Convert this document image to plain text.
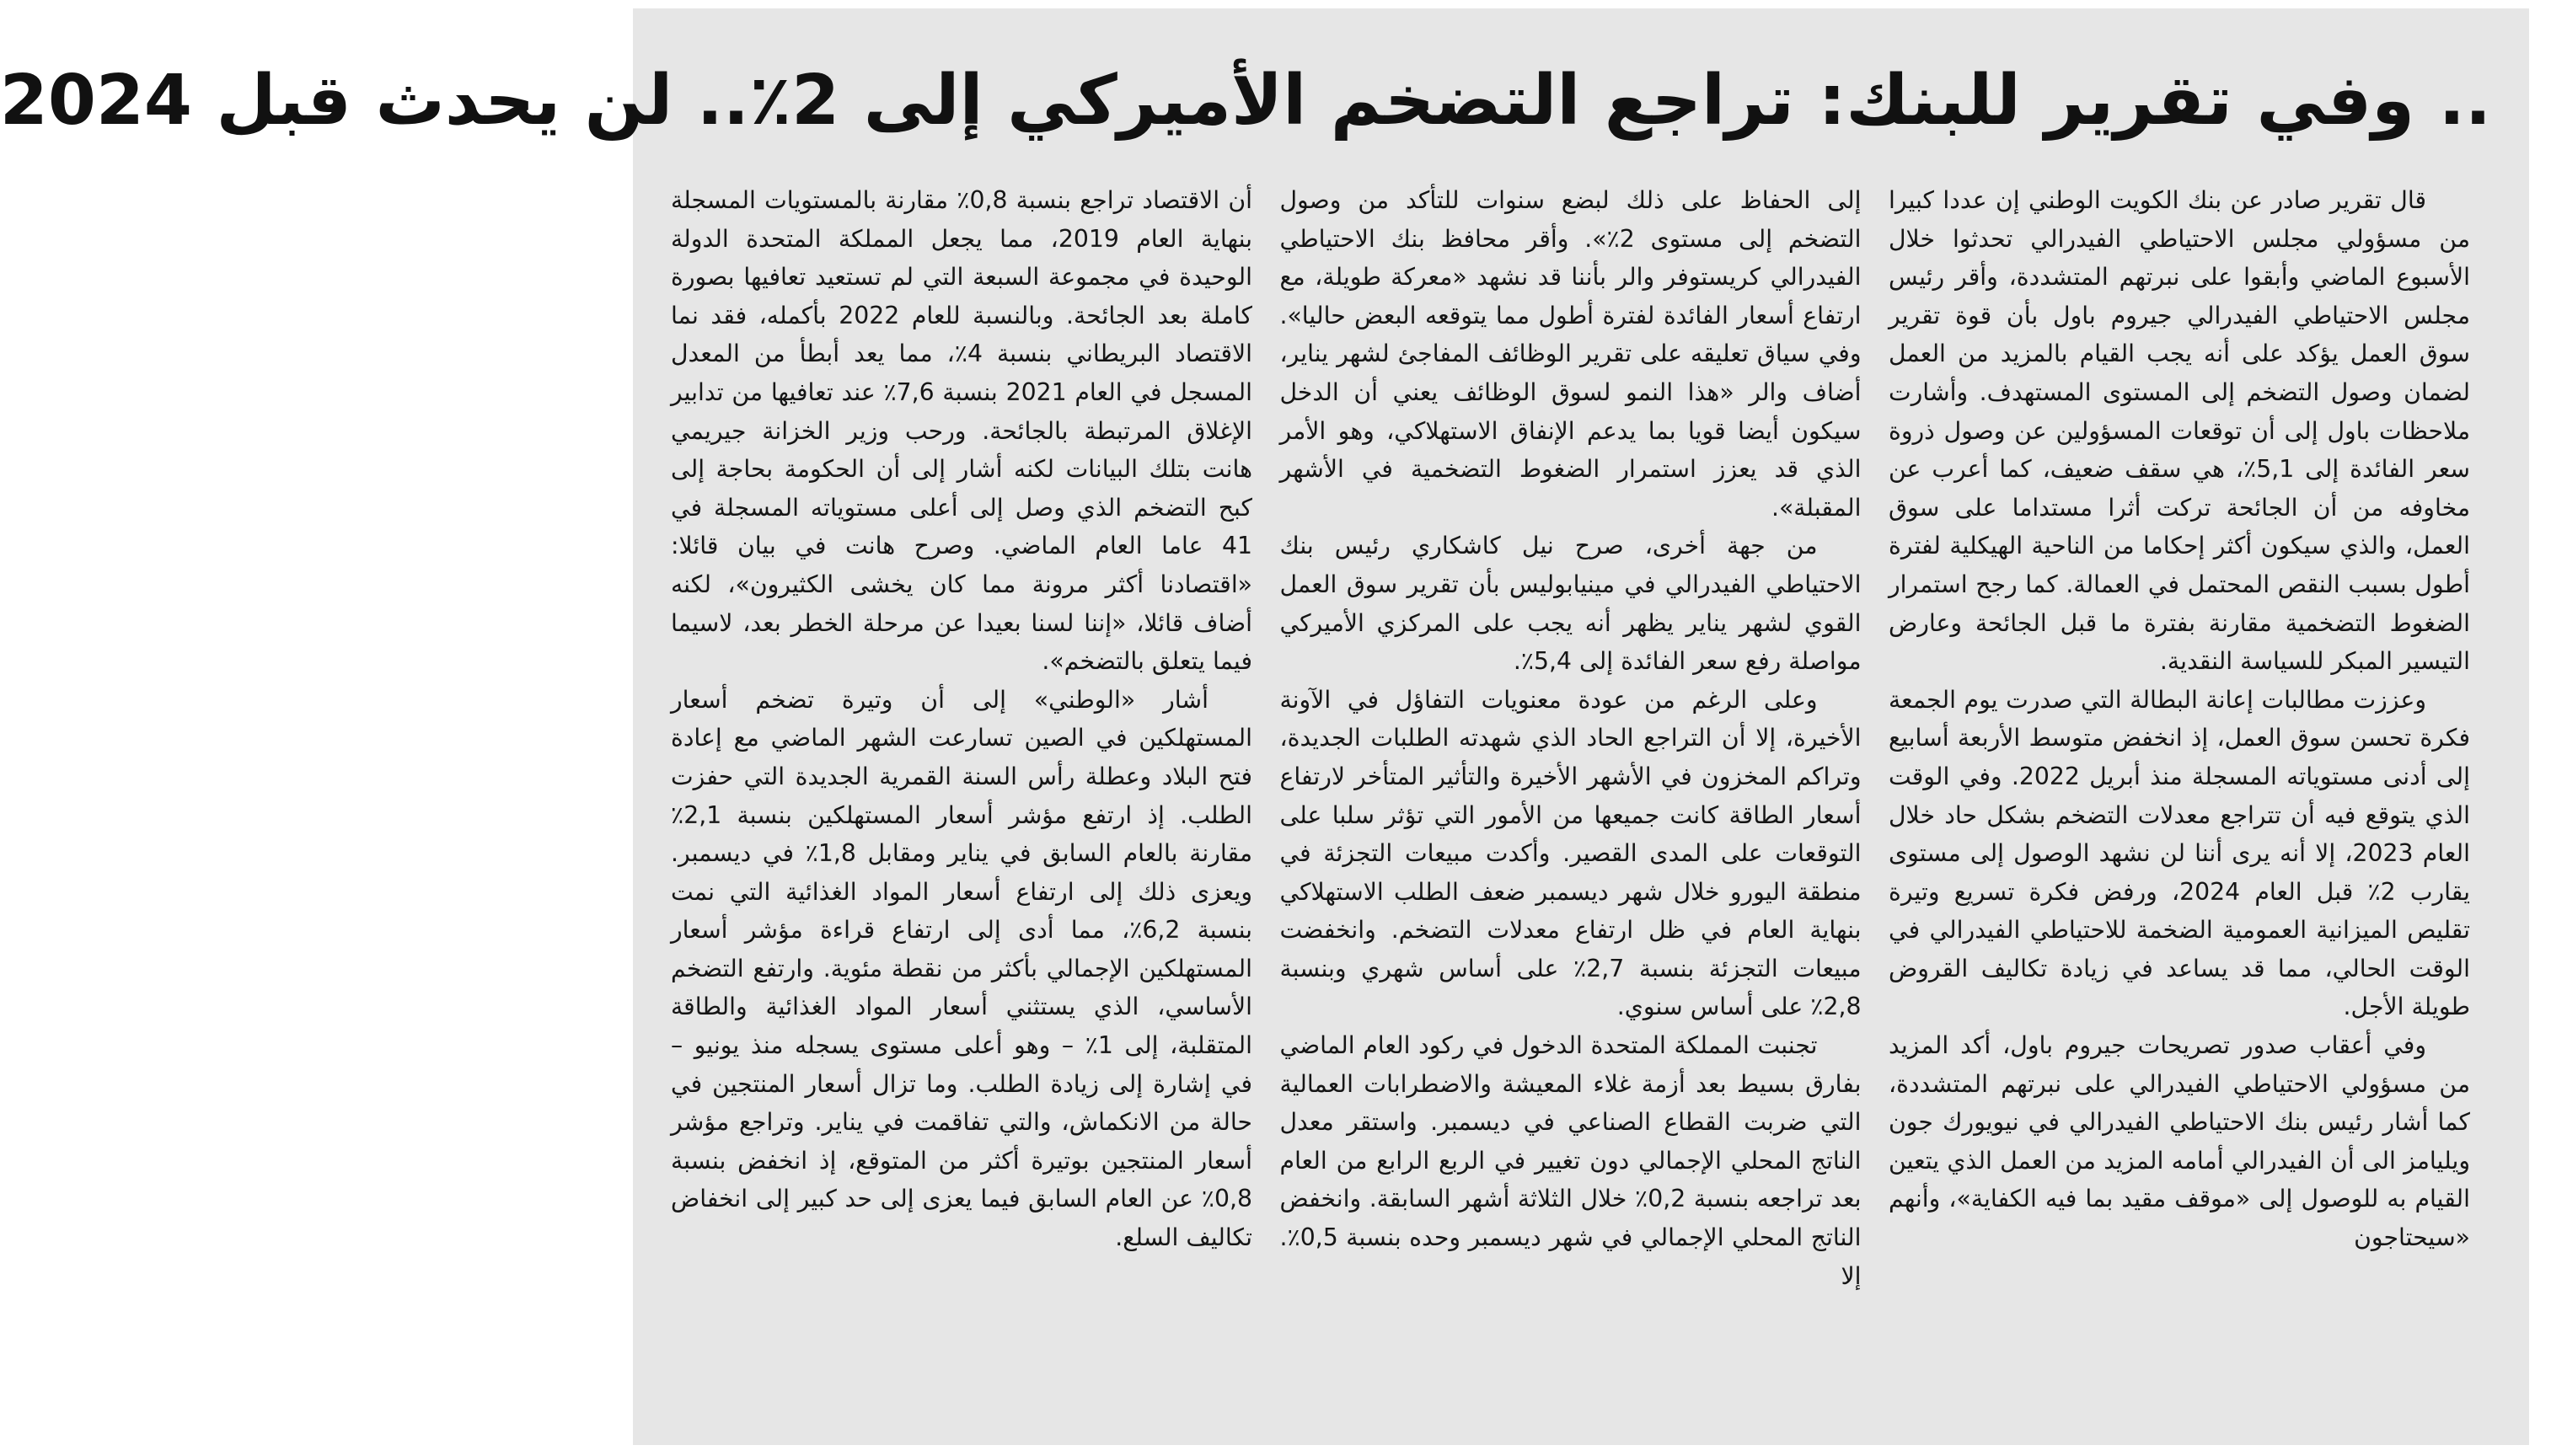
.. وفي تقرير للبنك: تراجع التضخم الأميركي إلى 2٪.. لن يحدث قبل 2024

قال تقرير صادر عن بنك الكويت الوطني إن عددا كبيرا من مسؤولي مجلس الاحتياطي الفيدرالي تحدثوا خلال الأسبوع الماضي وأبقوا على نبرتهم المتشددة، وأقر رئيس مجلس الاحتياطي الفيدرالي جيروم باول بأن قوة تقرير سوق العمل يؤكد على أنه يجب القيام بالمزيد من العمل لضمان وصول التضخم إلى المستوى المستهدف. وأشارت ملاحظات باول إلى أن توقعات المسؤولين عن وصول ذروة سعر الفائدة إلى 5,1٪، هي سقف ضعيف، كما أعرب عن مخاوفه من أن الجائحة تركت أثرا مستداما على سوق العمل، والذي سيكون أكثر إحكاما من الناحية الهيكلية لفترة أطول بسبب النقص المحتمل في العمالة. كما رجح استمرار الضغوط التضخمية مقارنة بفترة ما قبل الجائحة وعارض التيسير المبكر للسياسة النقدية.

وعززت مطالبات إعانة البطالة التي صدرت يوم الجمعة فكرة تحسن سوق العمل، إذ انخفض متوسط الأربعة أسابيع إلى أدنى مستوياته المسجلة منذ أبريل 2022. وفي الوقت الذي يتوقع فيه أن تتراجع معدلات التضخم بشكل حاد خلال العام 2023، إلا أنه يرى أننا لن نشهد الوصول إلى مستوى يقارب 2٪ قبل العام 2024، ورفض فكرة تسريع وتيرة تقليص الميزانية العمومية الضخمة للاحتياطي الفيدرالي في الوقت الحالي، مما قد يساعد في زيادة تكاليف القروض طويلة الأجل.

وفي أعقاب صدور تصريحات جيروم باول، أكد المزيد من مسؤولي الاحتياطي الفيدرالي على نبرتهم المتشددة، كما أشار رئيس بنك الاحتياطي الفيدرالي في نيويورك جون ويليامز الى أن الفيدرالي أمامه المزيد من العمل الذي يتعين القيام به للوصول إلى «موقف مقيد بما فيه الكفاية»، وأنهم «سيحتاجون

إلى الحفاظ على ذلك لبضع سنوات للتأكد من وصول التضخم إلى مستوى 2٪». وأقر محافظ بنك الاحتياطي الفيدرالي كريستوفر والر بأننا قد نشهد «معركة طويلة، مع ارتفاع أسعار الفائدة لفترة أطول مما يتوقعه البعض حاليا». وفي سياق تعليقه على تقرير الوظائف المفاجئ لشهر يناير، أضاف والر «هذا النمو لسوق الوظائف يعني أن الدخل سيكون أيضا قويا بما يدعم الإنفاق الاستهلاكي، وهو الأمر الذي قد يعزز استمرار الضغوط التضخمية في الأشهر المقبلة».

من جهة أخرى، صرح نيل كاشكاري رئيس بنك الاحتياطي الفيدرالي في مينيابوليس بأن تقرير سوق العمل القوي لشهر يناير يظهر أنه يجب على المركزي الأميركي مواصلة رفع سعر الفائدة إلى 5,4٪.

وعلى الرغم من عودة معنويات التفاؤل في الآونة الأخيرة، إلا أن التراجع الحاد الذي شهدته الطلبات الجديدة، وتراكم المخزون في الأشهر الأخيرة والتأثير المتأخر لارتفاع أسعار الطاقة كانت جميعها من الأمور التي تؤثر سلبا على التوقعات على المدى القصير. وأكدت مبيعات التجزئة في منطقة اليورو خلال شهر ديسمبر ضعف الطلب الاستهلاكي بنهاية العام في ظل ارتفاع معدلات التضخم. وانخفضت مبيعات التجزئة بنسبة 2,7٪ على أساس شهري وبنسبة 2,8٪ على أساس سنوي.

تجنبت المملكة المتحدة الدخول في ركود العام الماضي بفارق بسيط بعد أزمة غلاء المعيشة والاضطرابات العمالية التي ضربت القطاع الصناعي في ديسمبر. واستقر معدل الناتج المحلي الإجمالي دون تغيير في الربع الرابع من العام بعد تراجعه بنسبة 0,2٪ خلال الثلاثة أشهر السابقة. وانخفض الناتج المحلي الإجمالي في شهر ديسمبر وحده بنسبة 0,5٪. إلا

أن الاقتصاد تراجع بنسبة 0,8٪ مقارنة بالمستويات المسجلة بنهاية العام 2019، مما يجعل المملكة المتحدة الدولة الوحيدة في مجموعة السبعة التي لم تستعيد تعافيها بصورة كاملة بعد الجائحة. وبالنسبة للعام 2022 بأكمله، فقد نما الاقتصاد البريطاني بنسبة 4٪، مما يعد أبطأ من المعدل المسجل في العام 2021 بنسبة 7,6٪ عند تعافيها من تدابير الإغلاق المرتبطة بالجائحة. ورحب وزير الخزانة جيريمي هانت بتلك البيانات لكنه أشار إلى أن الحكومة بحاجة إلى كبح التضخم الذي وصل إلى أعلى مستوياته المسجلة في 41 عاما العام الماضي. وصرح هانت في بيان قائلا: «اقتصادنا أكثر مرونة مما كان يخشى الكثيرون»، لكنه أضاف قائلا، «إننا لسنا بعيدا عن مرحلة الخطر بعد، لاسيما فيما يتعلق بالتضخم».

أشار «الوطني» إلى أن وتيرة تضخم أسعار المستهلكين في الصين تسارعت الشهر الماضي مع إعادة فتح البلاد وعطلة رأس السنة القمرية الجديدة التي حفزت الطلب. إذ ارتفع مؤشر أسعار المستهلكين بنسبة 2,1٪ مقارنة بالعام السابق في يناير ومقابل 1,8٪ في ديسمبر. ويعزى ذلك إلى ارتفاع أسعار المواد الغذائية التي نمت بنسبة 6,2٪، مما أدى إلى ارتفاع قراءة مؤشر أسعار المستهلكين الإجمالي بأكثر من نقطة مئوية. وارتفع التضخم الأساسي، الذي يستثني أسعار المواد الغذائية والطاقة المتقلبة، إلى 1٪ – وهو أعلى مستوى يسجله منذ يونيو – في إشارة إلى زيادة الطلب. وما تزال أسعار المنتجين في حالة من الانكماش، والتي تفاقمت في يناير. وتراجع مؤشر أسعار المنتجين بوتيرة أكثر من المتوقع، إذ انخفض بنسبة 0,8٪ عن العام السابق فيما يعزى إلى حد كبير إلى انخفاض تكاليف السلع.
